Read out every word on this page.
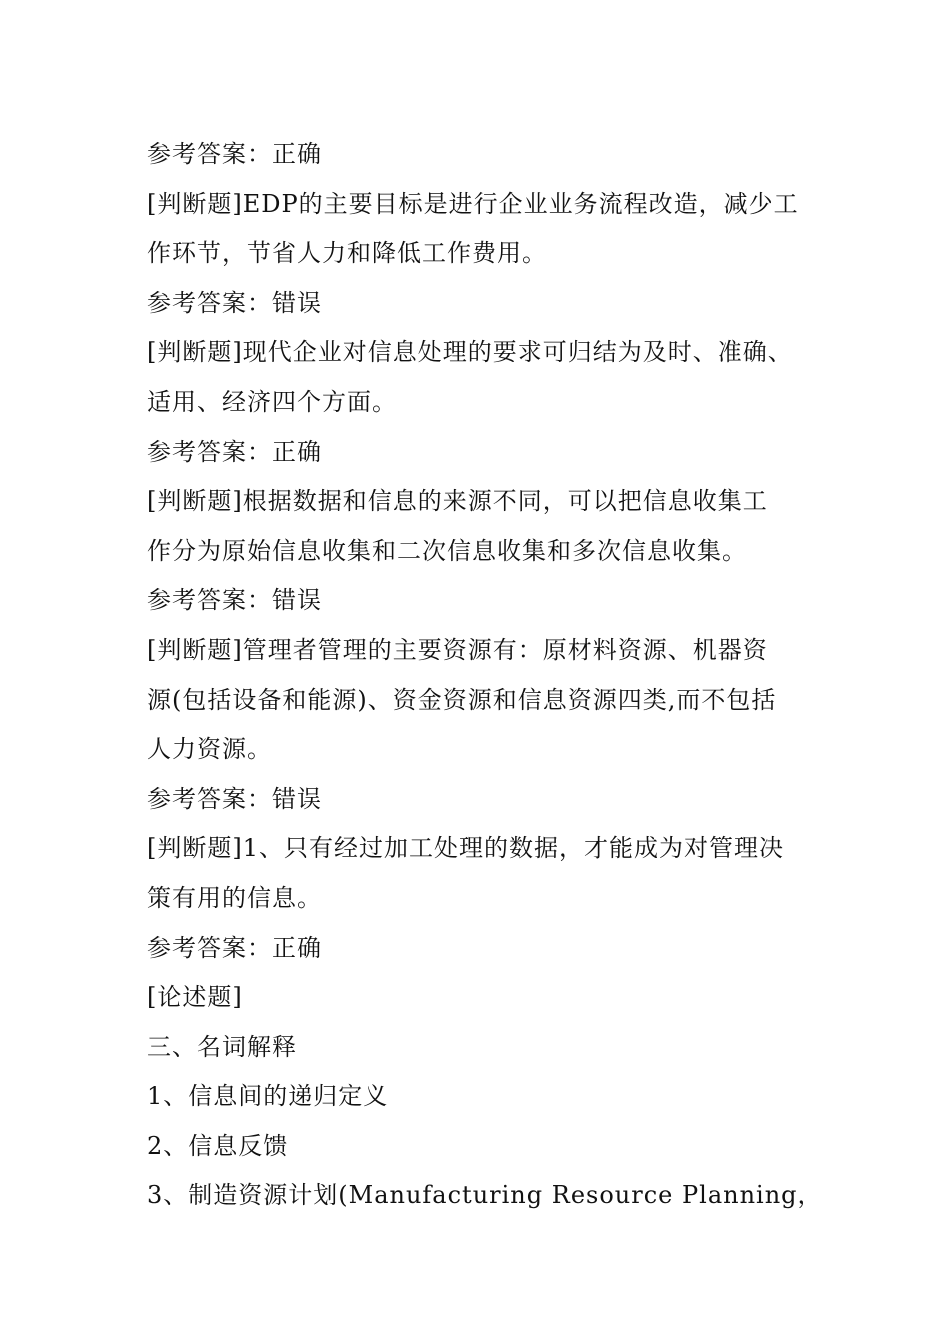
参考答案：正确
[判断题]EDP的主要目标是进行企业业务流程改造，减少工
作环节，节省人力和降低工作费用。
参考答案：错误
[判断题]现代企业对信息处理的要求可归结为及时、准确、
适用、经济四个方面。
参考答案：正确
[判断题]根据数据和信息的来源不同，可以把信息收集工
作分为原始信息收集和二次信息收集和多次信息收集。
参考答案：错误
[判断题]管理者管理的主要资源有：原材料资源、机器资
源(包括设备和能源)、资金资源和信息资源四类,而不包括
人力资源。
参考答案：错误
[判断题]1、只有经过加工处理的数据，才能成为对管理决
策有用的信息。
参考答案：正确
[论述题]
三、名词解释
1、信息间的递归定义
2、信息反馈
3、制造资源计划(Manufacturing Resource Planning，
